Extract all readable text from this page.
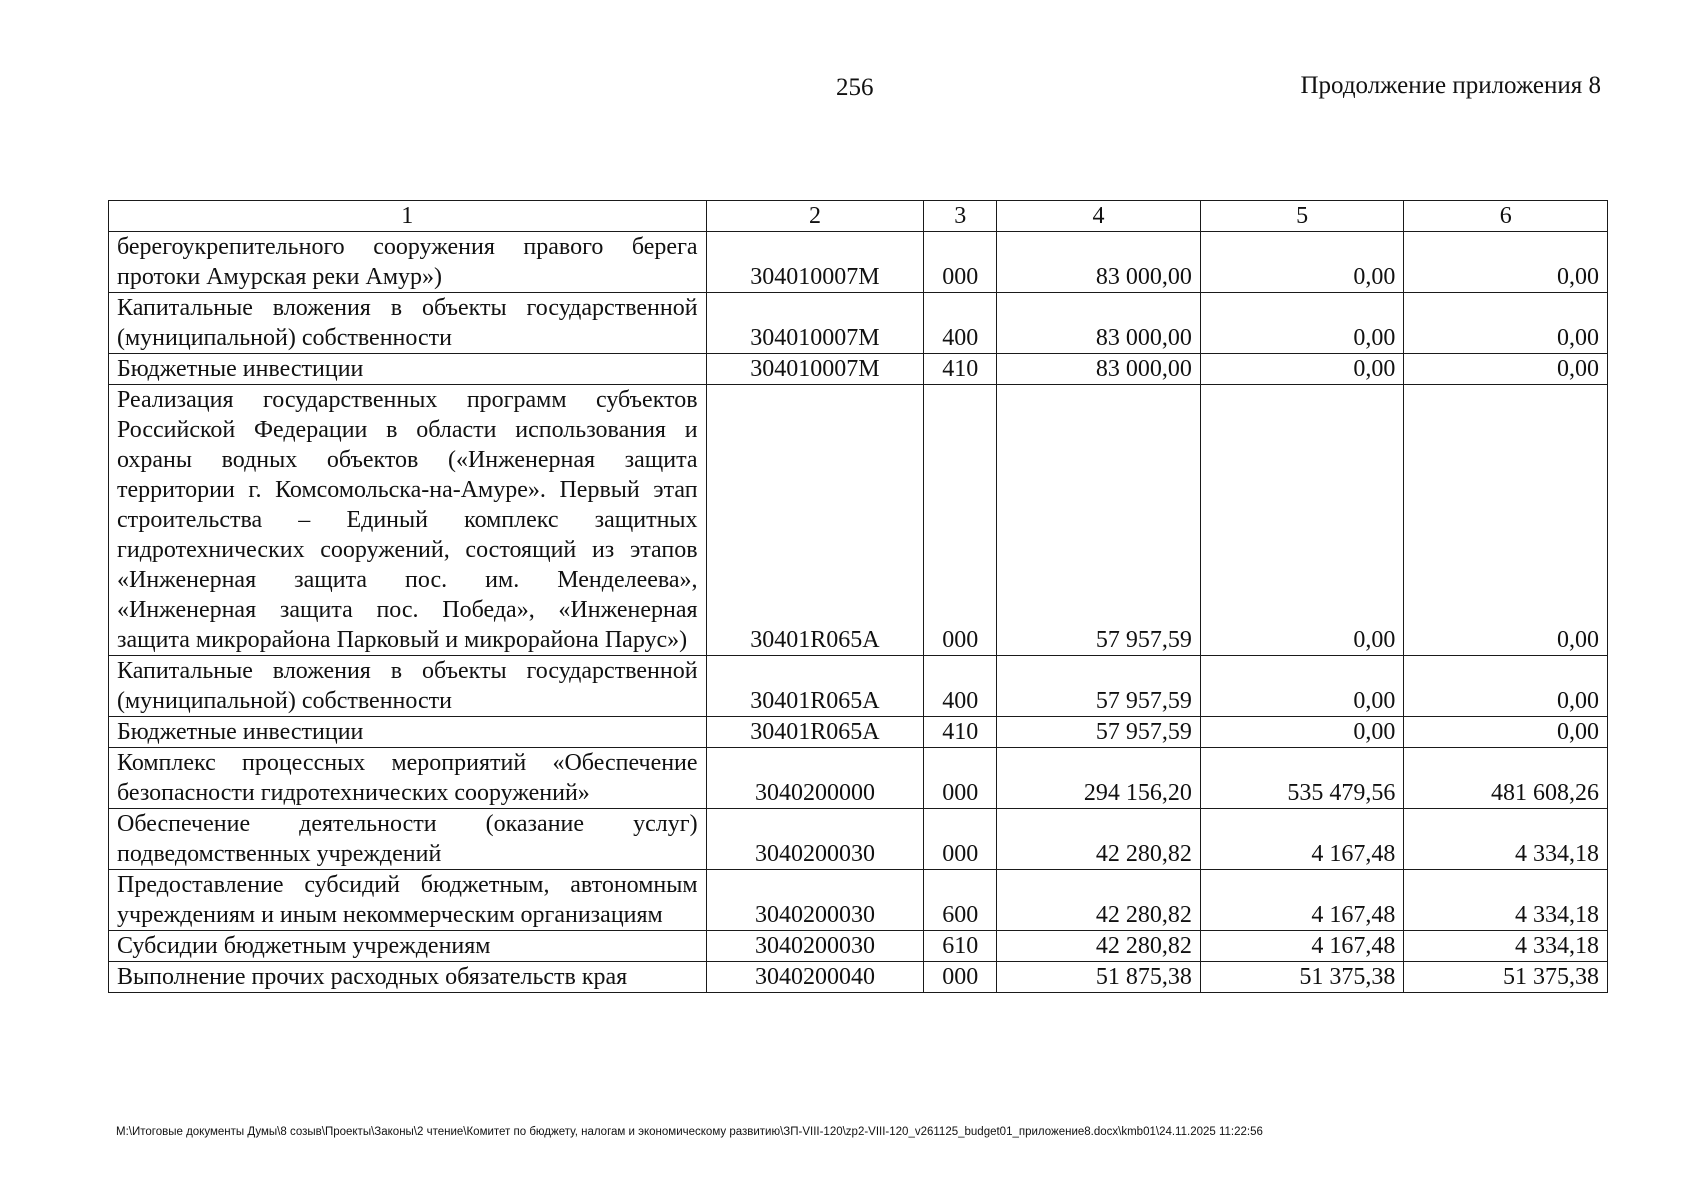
256	Продолжение приложения 8
1	2	3	4	5	6
берегоукрепительного сооружения правого берега протоки Амурская реки Амур»)	304010007М	000	83 000,00	0,00	0,00
Капитальные вложения в объекты государственной (муниципальной) собственности	304010007М	400	83 000,00	0,00	0,00
Бюджетные инвестиции	304010007М	410	83 000,00	0,00	0,00
Реализация государственных программ субъектов Российской Федерации в области использования и охраны водных объектов («Инженерная защита территории г. Комсомольска-на-Амуре». Первый этап строительства – Единый комплекс защитных гидротехнических сооружений, состоящий из этапов «Инженерная защита пос. им. Менделеева», «Инженерная защита пос. Победа», «Инженерная защита микрорайона Парковый и микрорайона Парус»)	30401R065A	000	57 957,59	0,00	0,00
Капитальные вложения в объекты государственной (муниципальной) собственности	30401R065A	400	57 957,59	0,00	0,00
Бюджетные инвестиции	30401R065A	410	57 957,59	0,00	0,00
Комплекс процессных мероприятий «Обеспечение безопасности гидротехнических сооружений»	3040200000	000	294 156,20	535 479,56	481 608,26
Обеспечение деятельности (оказание услуг) подведомственных учреждений	3040200030	000	42 280,82	4 167,48	4 334,18
Предоставление субсидий бюджетным, автономным учреждениям и иным некоммерческим организациям	3040200030	600	42 280,82	4 167,48	4 334,18
Субсидии бюджетным учреждениям	3040200030	610	42 280,82	4 167,48	4 334,18
Выполнение прочих расходных обязательств края	3040200040	000	51 875,38	51 375,38	51 375,38
M:\Итоговые документы Думы\8 созыв\Проекты\Законы\2 чтение\Комитет по бюджету, налогам и экономическому развитию\ЗП-VIII-120\zp2-VIII-120_v261125_budget01_приложение8.docx\kmb01\24.11.2025 11:22:56
